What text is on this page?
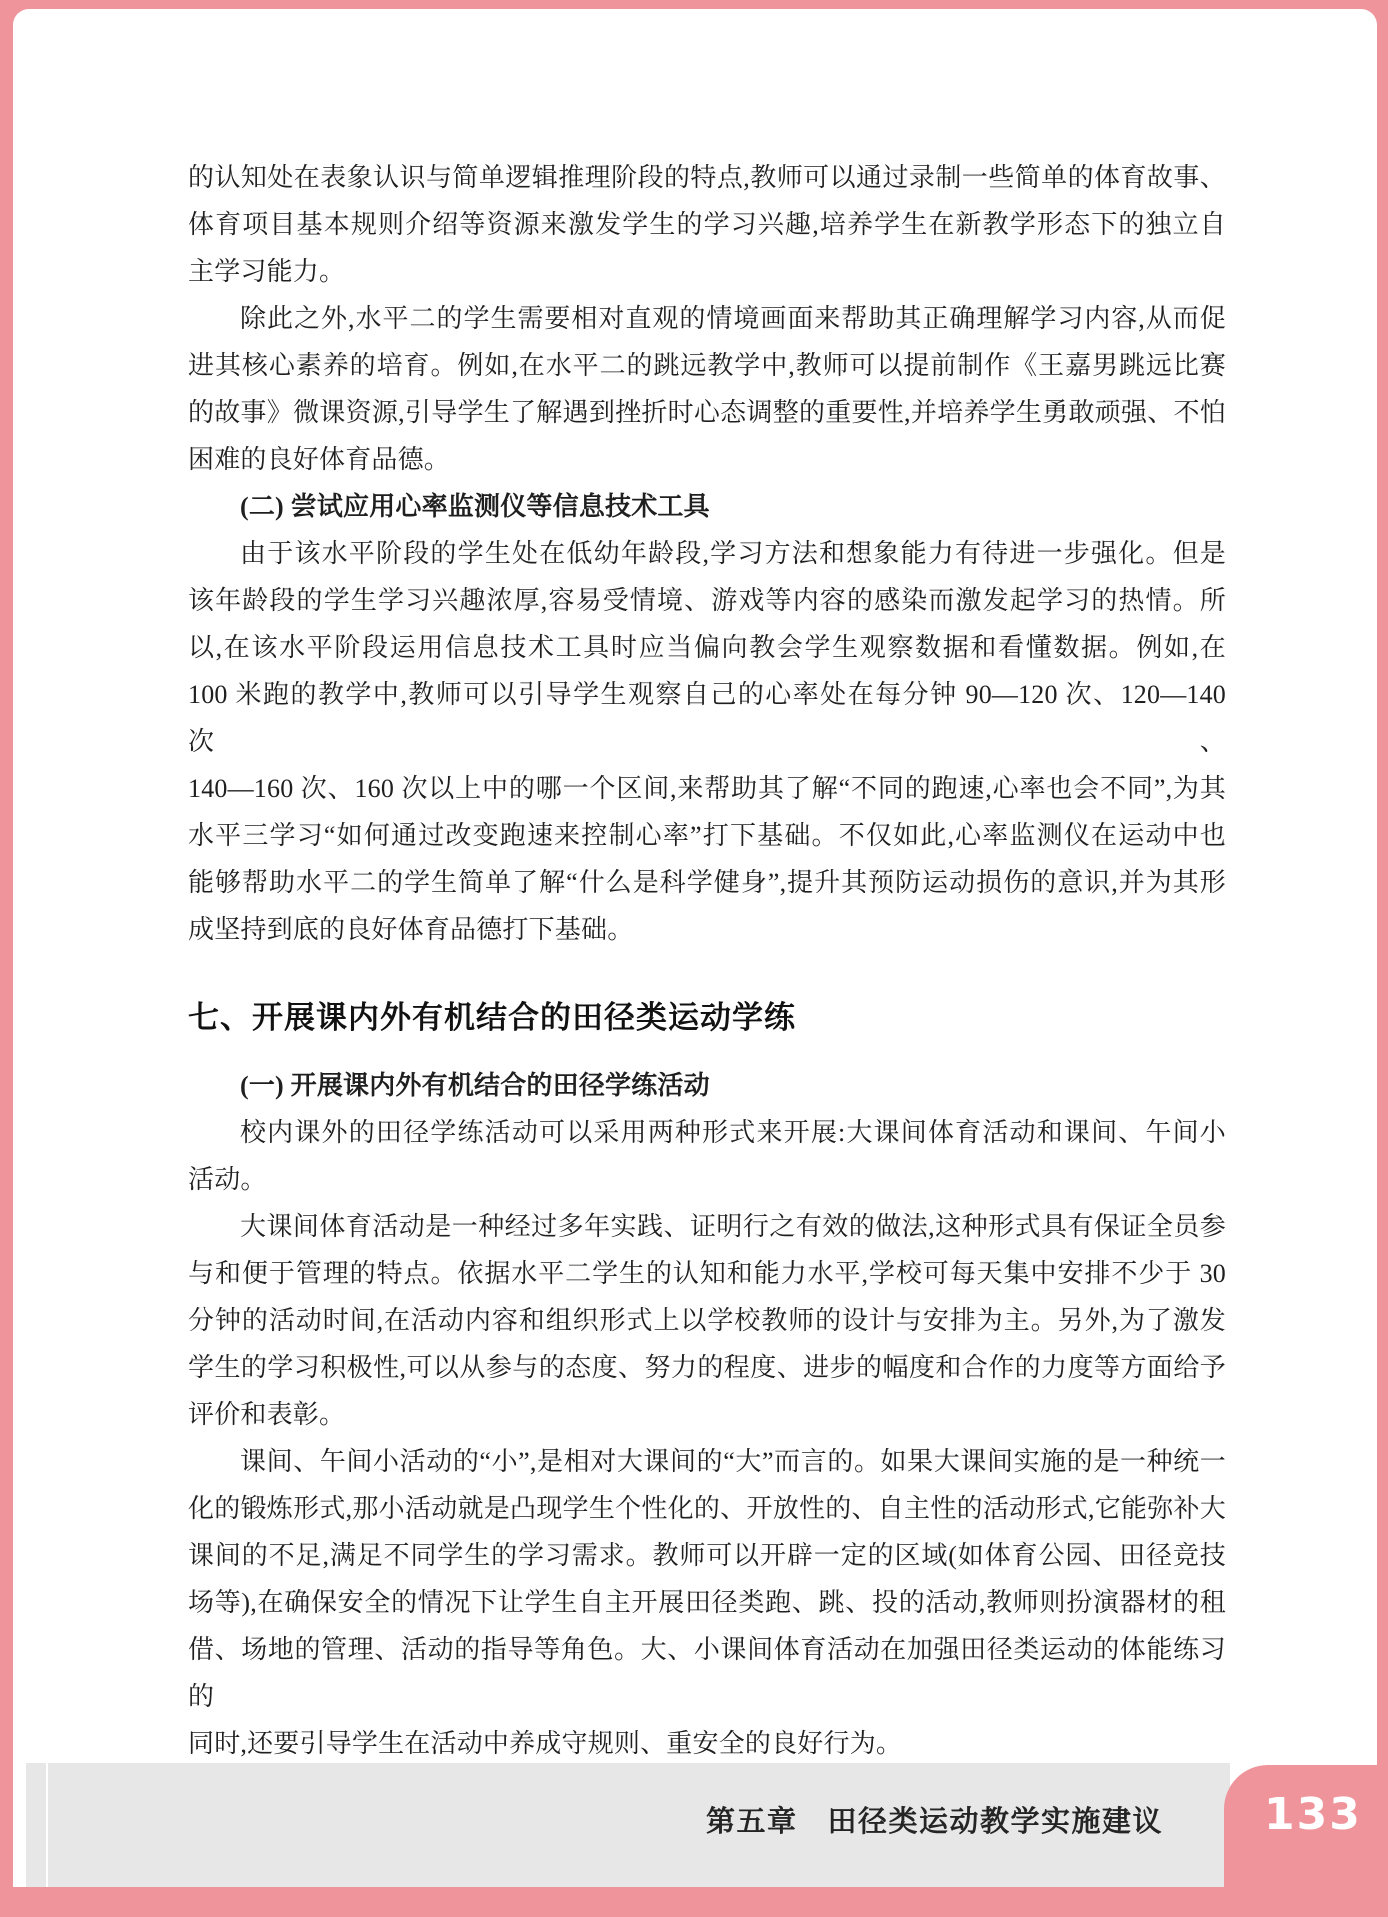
的认知处在表象认识与简单逻辑推理阶段的特点,教师可以通过录制一些简单的体育故事、
体育项目基本规则介绍等资源来激发学生的学习兴趣,培养学生在新教学形态下的独立自
主学习能力。
除此之外,水平二的学生需要相对直观的情境画面来帮助其正确理解学习内容,从而促
进其核心素养的培育。例如,在水平二的跳远教学中,教师可以提前制作《王嘉男跳远比赛
的故事》微课资源,引导学生了解遇到挫折时心态调整的重要性,并培养学生勇敢顽强、不怕
困难的良好体育品德。
(二) 尝试应用心率监测仪等信息技术工具
由于该水平阶段的学生处在低幼年龄段,学习方法和想象能力有待进一步强化。但是
该年龄段的学生学习兴趣浓厚,容易受情境、游戏等内容的感染而激发起学习的热情。所
以,在该水平阶段运用信息技术工具时应当偏向教会学生观察数据和看懂数据。例如,在
100 米跑的教学中,教师可以引导学生观察自己的心率处在每分钟 90—120 次、120—140 次、
140—160 次、160 次以上中的哪一个区间,来帮助其了解“不同的跑速,心率也会不同”,为其
水平三学习“如何通过改变跑速来控制心率”打下基础。不仅如此,心率监测仪在运动中也
能够帮助水平二的学生简单了解“什么是科学健身”,提升其预防运动损伤的意识,并为其形
成坚持到底的良好体育品德打下基础。
七、开展课内外有机结合的田径类运动学练
(一) 开展课内外有机结合的田径学练活动
校内课外的田径学练活动可以采用两种形式来开展:大课间体育活动和课间、午间小
活动。
大课间体育活动是一种经过多年实践、证明行之有效的做法,这种形式具有保证全员参
与和便于管理的特点。依据水平二学生的认知和能力水平,学校可每天集中安排不少于 30
分钟的活动时间,在活动内容和组织形式上以学校教师的设计与安排为主。另外,为了激发
学生的学习积极性,可以从参与的态度、努力的程度、进步的幅度和合作的力度等方面给予
评价和表彰。
课间、午间小活动的“小”,是相对大课间的“大”而言的。如果大课间实施的是一种统一
化的锻炼形式,那小活动就是凸现学生个性化的、开放性的、自主性的活动形式,它能弥补大
课间的不足,满足不同学生的学习需求。教师可以开辟一定的区域(如体育公园、田径竞技
场等),在确保安全的情况下让学生自主开展田径类跑、跳、投的活动,教师则扮演器材的租
借、场地的管理、活动的指导等角色。大、小课间体育活动在加强田径类运动的体能练习的
同时,还要引导学生在活动中养成守规则、重安全的良好行为。
第五章 田径类运动教学实施建议 133
